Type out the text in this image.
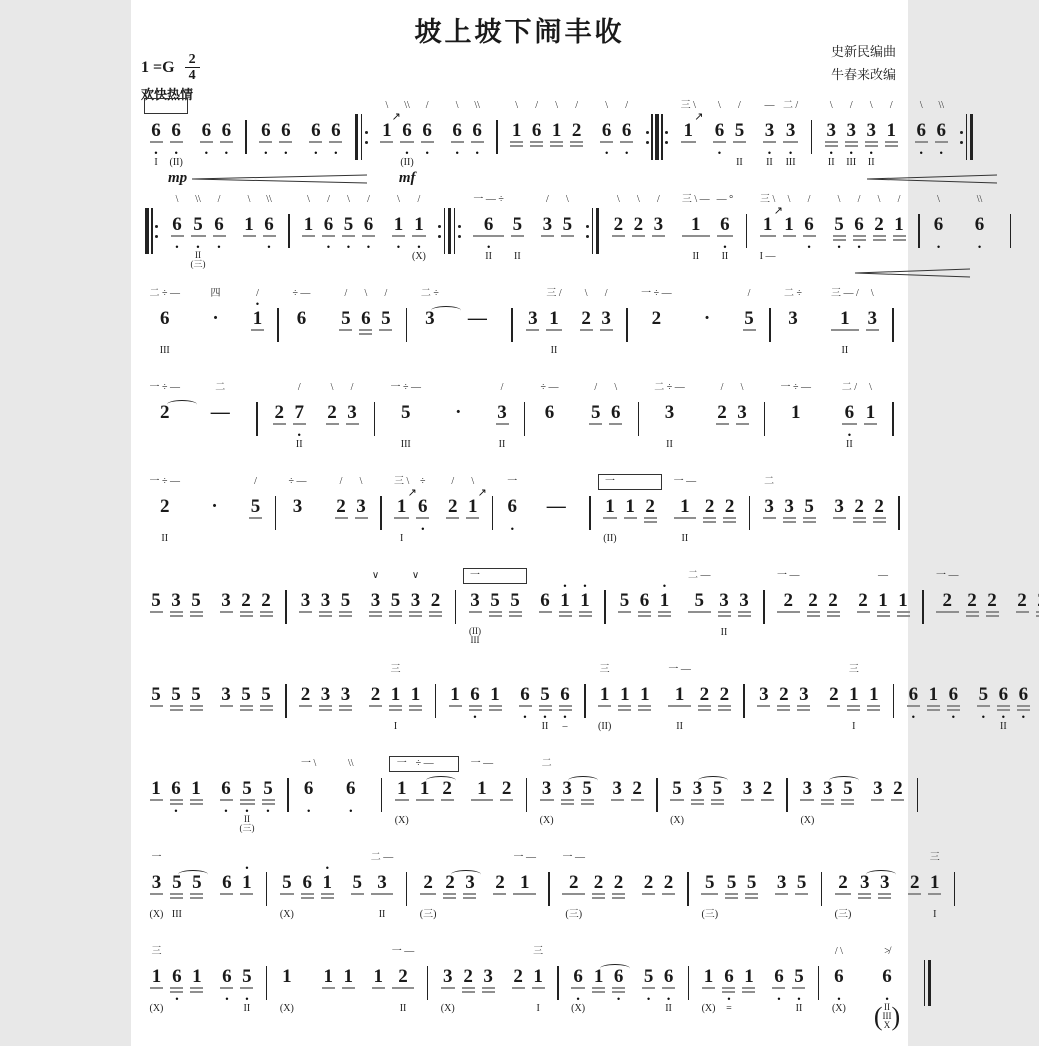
坡上坡下闹丰收
$1 =G \frac{2}{4}$
欢快热情
史新民编曲
牛春来改编
6
•
I
6
•
(II)
mp
6
•
6
•
6
•
6
•
6
•
6
•
\
1
↗
\\
6
•
(II)
mf
/
6
•
\
6
•
\\
6
•
\
1
/
6
\
1
/
2
\
6
•
/
6
•
三 \
1
↗
\
6
•
/
5
II
—
3
•
II
二 /
3
•
III
\
3
•
II
/
3
•
III
\
3
•
II
/
1
\
6
•
\\
6
•
\
6
•
\\
5
•
II
(三)
/
6
•
\
1
\\
6
•
\
1
/
6
•
\
5
•
/
6
•
\
1
•
/
1
•
(X)
一 — ÷
6
•
II
5
II
/
3
\
5
\
2
\
2
/
3
三 \ —
1
II
— °
6
•
II
三 \
1
↗
I —
\
1
/
6
•
\
5
•
/
6
•
\
2
/
1
\
6
•
\\
6
•
二 ÷ —
6
III
四
·
/
•
1
÷ —
6
/
5
\
6
/
5
二 ÷
3 — 3
三 /
1
II
\
2
/
3
一 ÷ —
2 ·
/
5
二 ÷
3
三 — /
1
II
\
3
一 ÷ —
2
二
— 2
/
7
•
II
\
2
/
3
一 ÷ —
5
III
·
/
3
II
÷ —
6
/
5
\
6
二 ÷ —
3
II
/
2
\
3
一 ÷ —
1
二 /
6
•
II
\
1
一 ÷ —
2
II
·
/
5
÷ —
3
/
2
\
3
三 \
1
↗
I
÷
6
•
/
2
\
1
↗
一
6
•
—
一
1
(II)
1 2
一 —
1
II
2 2
二
3 3 5 3 2 2
5 3 5 3 2 2 3 3 5
∨
3 5
∨
3 2
一
3
(II)
III
5 5 6
•
1
•
1 5 6
•
1
二 —
5 3
II
3
一 —
2 2 2 2
—
1 1
一 —
2 2 2 2
5 5 5 3 5 5 2 3 3 2
三
1
I
1 1 6
•
1 6
•
5
•
II
6
•
–
三
1
(II)
1 1
一 —
1
II
2 2 3 2 3 2
三
1
I
1 6
•
1 6
•
5
•
6
•
II
6
•
1 6
•
1 6
•
5
•
II
(三)
5
•
一 \
6
•
\\
6
•
一
1
(X)
÷ —
1 2
一 —
1 2
二
3
(X)
3 5 3 2 5
(X)
3 5 3 2 3
(X)
3 5 3 2
一
3
(X)
5
III
5 6
•
1 5
(X)
6
•
1 5
二 —
3
II
2
(三)
2 3 2
一 —
1
一 —
2
(三)
2 2 2 2 5
(三)
5 5 3 5 2
(三)
3 3 2
三
1
I
三
1
(X)
6
•
1 6
•
5
•
II
1
(X)
1 1 1
一 —
2
II
3
(X)
2 3 2
三
1
I
6
•
(X)
1 6
•
5
•
6
•
II
1
(X)
6
•
=
1 6
•
5
•
II
/ \
6
•
(X)
≯
6
•
( II
III
X )
